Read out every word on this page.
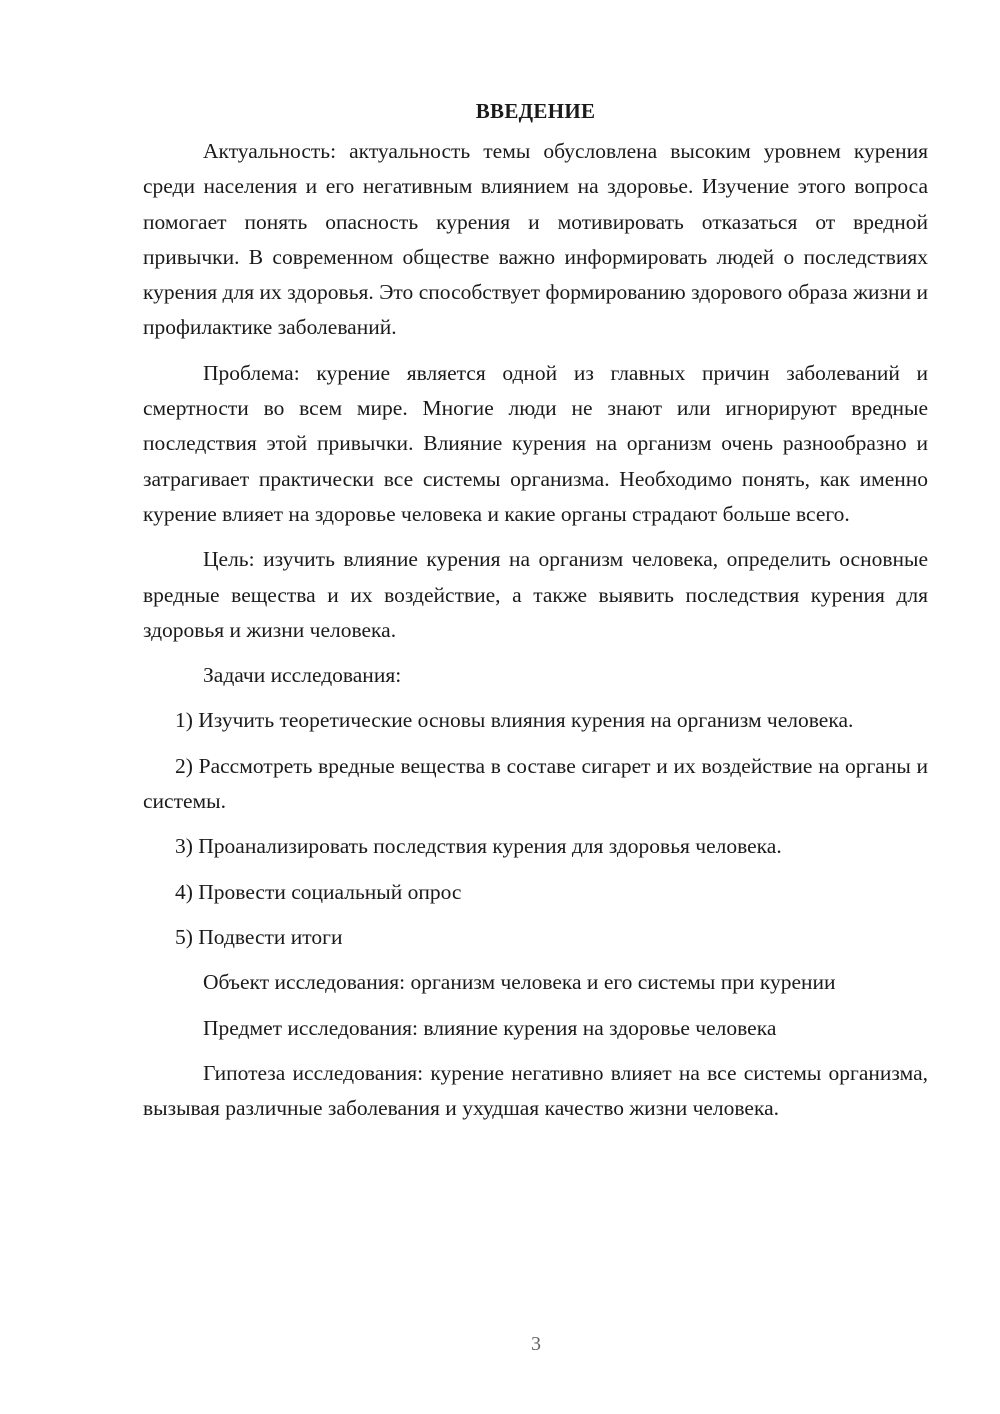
ВВЕДЕНИЕ

Актуальность: актуальность темы обусловлена высоким уровнем курения среди населения и его негативным влиянием на здоровье. Изучение этого вопроса помогает понять опасность курения и мотивировать отказаться от вредной привычки. В современном обществе важно информировать людей о последствиях курения для их здоровья. Это способствует формированию здорового образа жизни и профилактике заболеваний.

Проблема: курение является одной из главных причин заболеваний и смертности во всем мире. Многие люди не знают или игнорируют вредные последствия этой привычки. Влияние курения на организм очень разнообразно и затрагивает практически все системы организма. Необходимо понять, как именно курение влияет на здоровье человека и какие органы страдают больше всего.

Цель: изучить влияние курения на организм человека, определить основные вредные вещества и их воздействие, а также выявить последствия курения для здоровья и жизни человека.

Задачи исследования:

1) Изучить теоретические основы влияния курения на организм человека.

2) Рассмотреть вредные вещества в составе сигарет и их воздействие на органы и системы.

3) Проанализировать последствия курения для здоровья человека.

4) Провести социальный опрос

5) Подвести итоги

Объект исследования: организм человека и его системы при курении

Предмет исследования: влияние курения на здоровье человека

Гипотеза исследования: курение негативно влияет на все системы организма, вызывая различные заболевания и ухудшая качество жизни человека.

3
